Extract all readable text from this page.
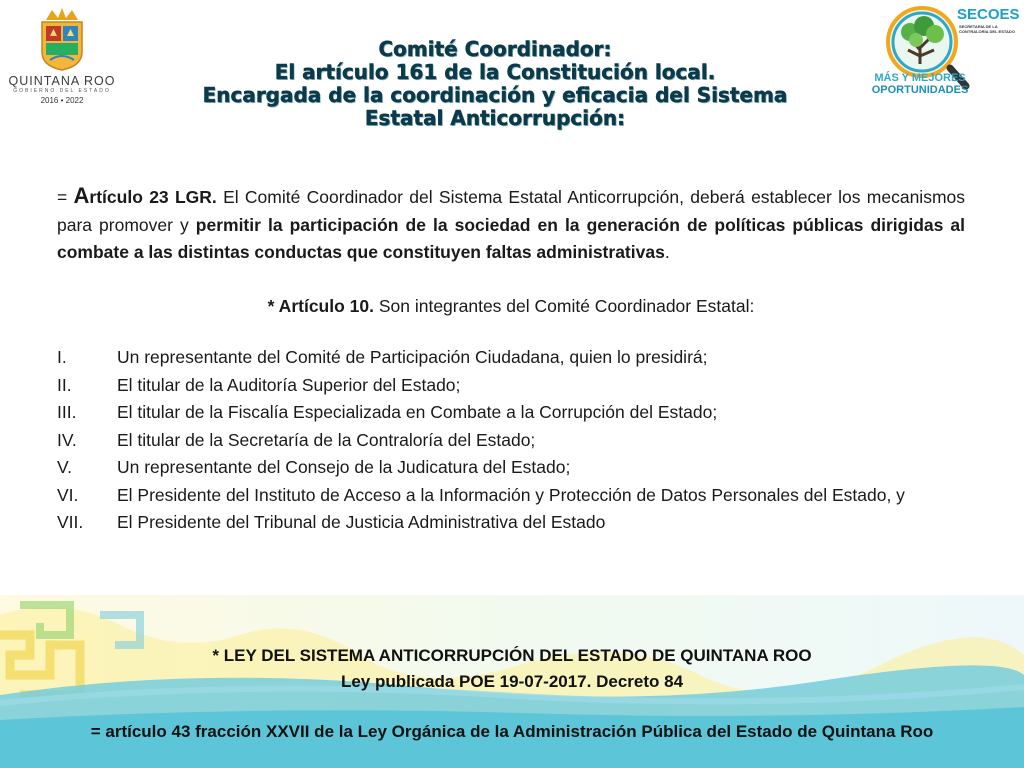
QUINTANA ROO
GOBIERNO DEL ESTADO
2016 • 2022
SECOES
SECRETARIA DE LA CONTRALORÍA DEL ESTADO
MÁS Y MEJORES
OPORTUNIDADES
Comité Coordinador:
El artículo 161 de la Constitución local.
Encargada de la coordinación y eficacia del Sistema
Estatal Anticorrupción:
= Artículo 23 LGR. El Comité Coordinador del Sistema Estatal Anticorrupción, deberá establecer los mecanismos para promover y permitir la participación de la sociedad en la generación de políticas públicas dirigidas al combate a las distintas conductas que constituyen faltas administrativas.
* Artículo 10. Son integrantes del Comité Coordinador Estatal:
I.	Un representante del Comité de Participación Ciudadana, quien lo presidirá;
II.	El titular de la Auditoría Superior del Estado;
III.	El titular de la Fiscalía Especializada en Combate a la Corrupción del Estado;
IV.	El titular de la Secretaría de la Contraloría del Estado;
V.	Un representante del Consejo de la Judicatura del Estado;
VI.	El Presidente del Instituto de Acceso a la Información y Protección de Datos Personales del Estado, y
VII.	El Presidente del Tribunal de Justicia Administrativa del Estado
* LEY DEL SISTEMA ANTICORRUPCIÓN DEL ESTADO DE QUINTANA ROO
Ley publicada POE 19-07-2017. Decreto 84
= artículo 43 fracción XXVII de la Ley Orgánica de la Administración Pública del Estado de Quintana Roo
